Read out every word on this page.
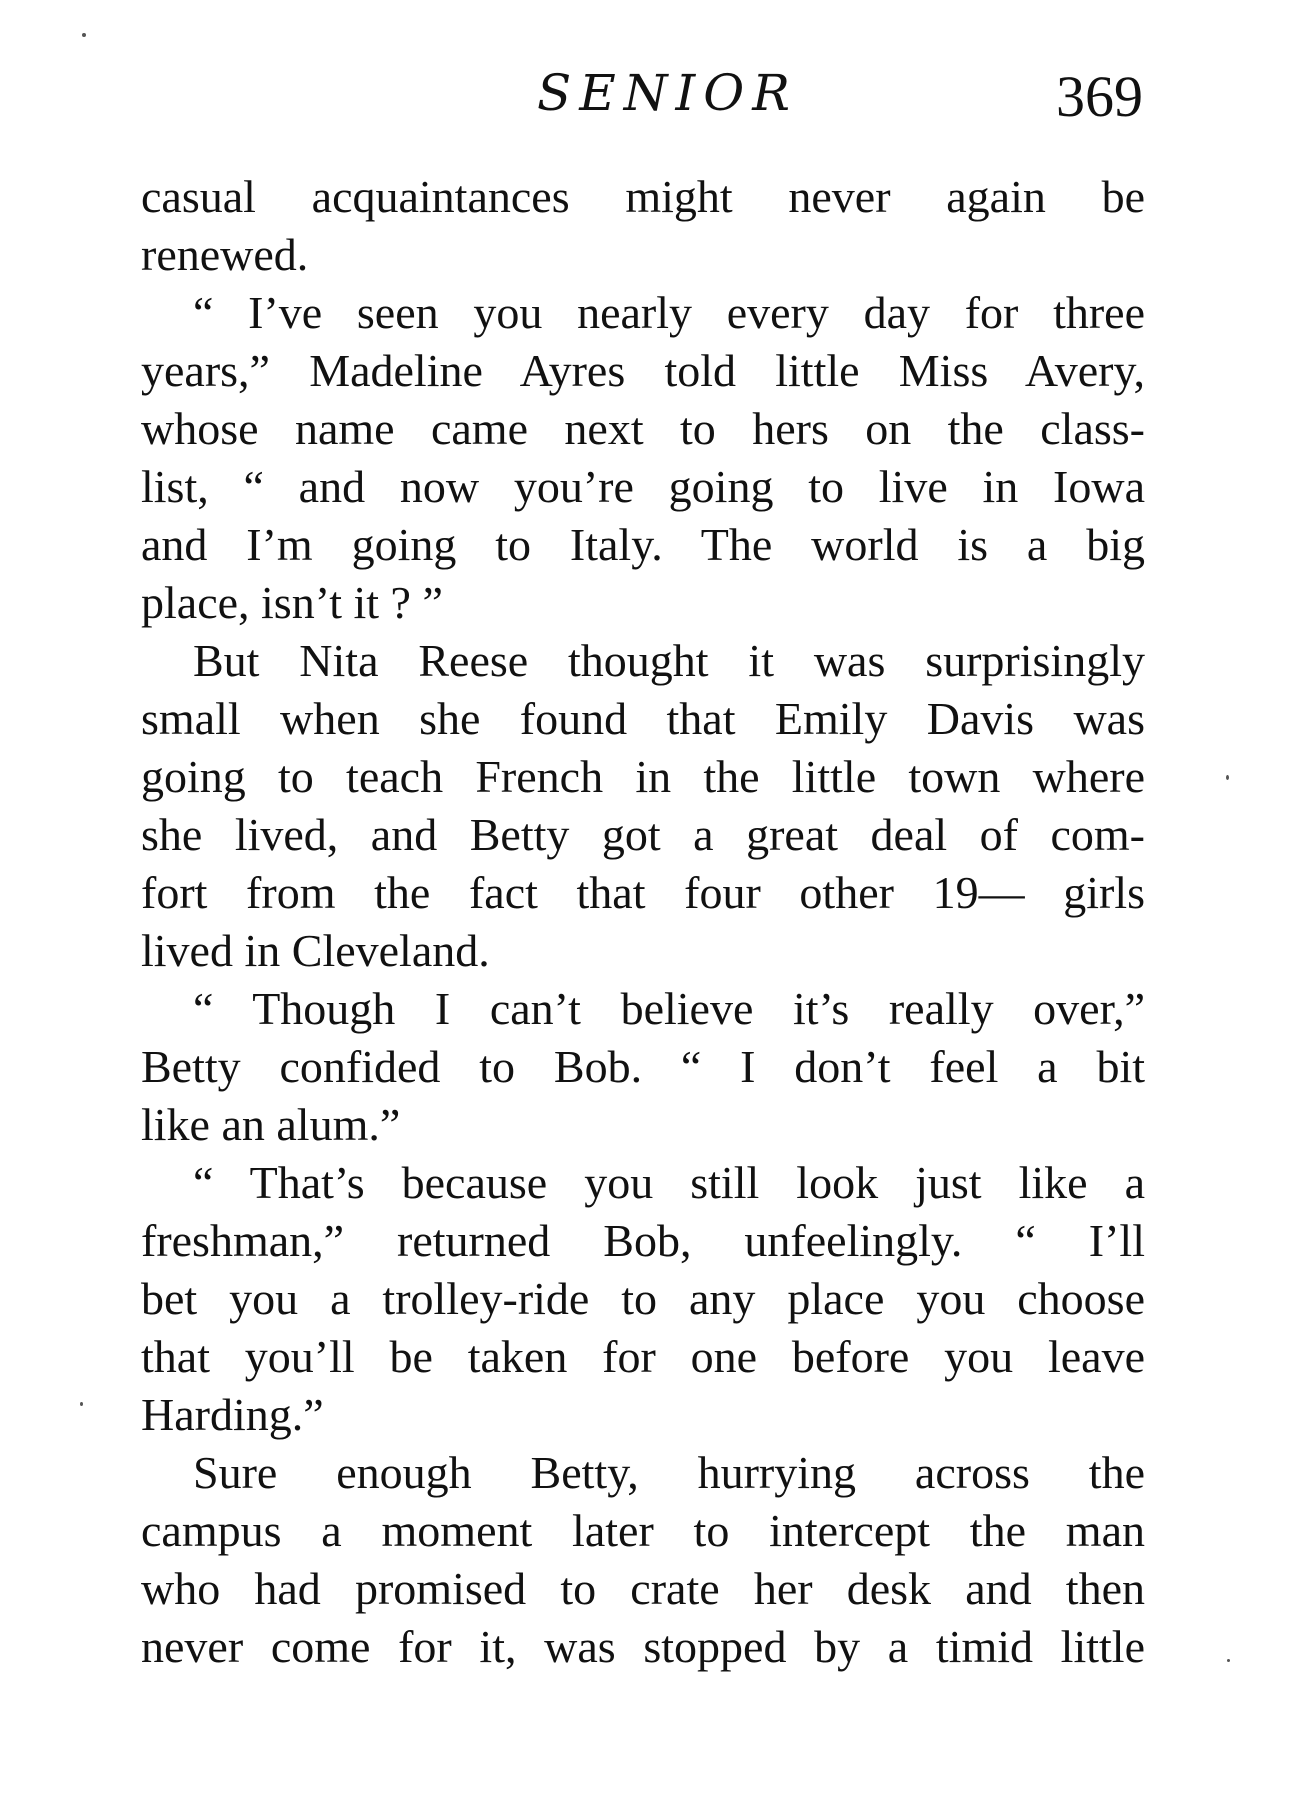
SENIOR	369

casual acquaintances might never again be
renewed.

“ I’ve seen you nearly every day for three
years,” Madeline Ayres told little Miss Avery,
whose name came next to hers on the class-
list, “ and now you’re going to live in Iowa
and I’m going to Italy. The world is a big
place, isn’t it ? ”

But Nita Reese thought it was surprisingly
small when she found that Emily Davis was
going to teach French in the little town where
she lived, and Betty got a great deal of com-
fort from the fact that four other 19— girls
lived in Cleveland.

“ Though I can’t believe it’s really over,”
Betty confided to Bob. “ I don’t feel a bit
like an alum.”

“ That’s because you still look just like a
freshman,” returned Bob, unfeelingly. “ I’ll
bet you a trolley-ride to any place you choose
that you’ll be taken for one before you leave
Harding.”

Sure enough Betty, hurrying across the
campus a moment later to intercept the man
who had promised to crate her desk and then
never come for it, was stopped by a timid little
